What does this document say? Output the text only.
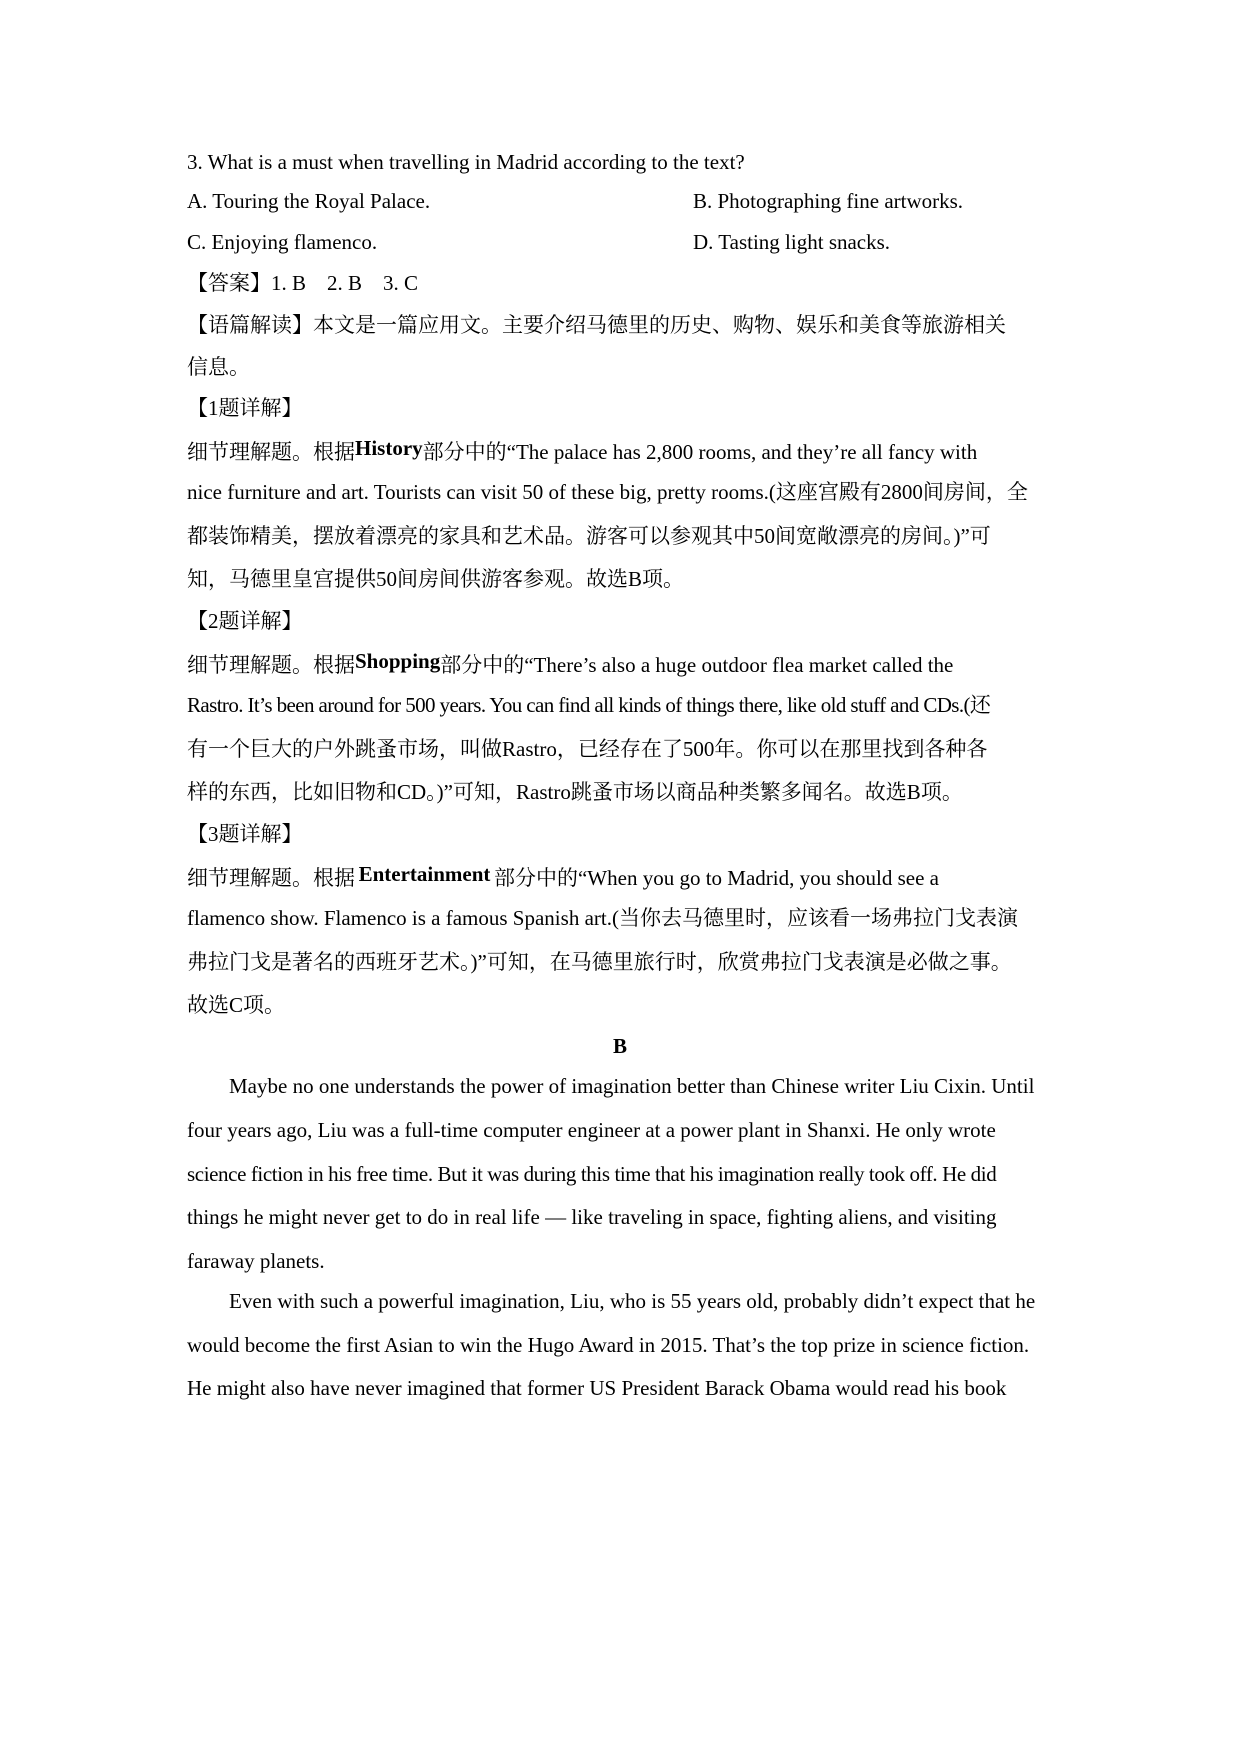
3. What is a must when travelling in Madrid according to the text?

A. Touring the Royal Palace.	B. Photographing fine artworks.
C. Enjoying flamenco.	D. Tasting light snacks.

【答案】1. B    2. B    3. C

【语篇解读】本文是一篇应用文。主要介绍马德里的历史、购物、娱乐和美食等旅游相关

信息。

【1题详解】

细节理解题。根据 History 部分中的“The palace has 2,800 rooms, and they’re all fancy with

nice furniture and art. Tourists can visit 50 of these big, pretty rooms.(这座宫殿有2800间房间，全

都装饰精美，摆放着漂亮的家具和艺术品。游客可以参观其中50间宽敞漂亮的房间。)”可

知，马德里皇宫提供50间房间供游客参观。故选B项。

【2题详解】

细节理解题。根据 Shopping 部分中的“There’s also a huge outdoor flea market called the

Rastro. It’s been around for 500 years. You can find all kinds of things there, like old stuff and CDs.(还

有一个巨大的户外跳蚤市场，叫做Rastro，已经存在了500年。你可以在那里找到各种各

样的东西，比如旧物和CD。)”可知，Rastro跳蚤市场以商品种类繁多闻名。故选B项。

【3题详解】

细节理解题。根据 Entertainment 部分中的“When you go to Madrid, you should see a

flamenco show. Flamenco is a famous Spanish art.(当你去马德里时，应该看一场弗拉门戈表演

弗拉门戈是著名的西班牙艺术。)”可知，在马德里旅行时，欣赏弗拉门戈表演是必做之事。

故选C项。

B

Maybe no one understands the power of imagination better than Chinese writer Liu Cixin. Until

four years ago, Liu was a full-time computer engineer at a power plant in Shanxi. He only wrote

science fiction in his free time. But it was during this time that his imagination really took off. He did

things he might never get to do in real life — like traveling in space, fighting aliens, and visiting

faraway planets.

Even with such a powerful imagination, Liu, who is 55 years old, probably didn’t expect that he

would become the first Asian to win the Hugo Award in 2015. That’s the top prize in science fiction.

He might also have never imagined that former US President Barack Obama would read his book
